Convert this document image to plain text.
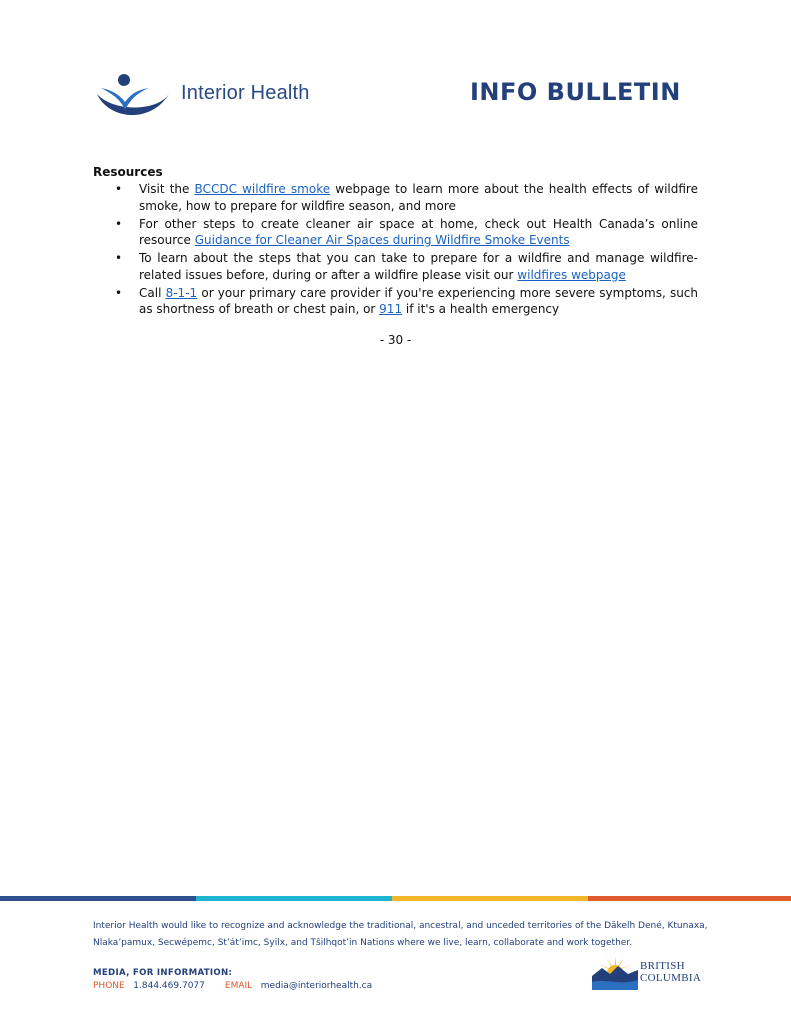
Interior Health	INFO BULLETIN
Resources
• Visit the BCCDC wildfire smoke webpage to learn more about the health effects of wildfire smoke, how to prepare for wildfire season, and more
• For other steps to create cleaner air space at home, check out Health Canada’s online resource Guidance for Cleaner Air Spaces during Wildfire Smoke Events
• To learn about the steps that you can take to prepare for a wildfire and manage wildfire-related issues before, during or after a wildfire please visit our wildfires webpage
• Call 8-1-1 or your primary care provider if you're experiencing more severe symptoms, such as shortness of breath or chest pain, or 911 if it's a health emergency
- 30 -
Interior Health would like to recognize and acknowledge the traditional, ancestral, and unceded territories of the Dākelh Dené, Ktunaxa,
Nlaka’pamux, Secwépemc, St’át’imc, Syilx, and Tŝilhqot’in Nations where we live, learn, collaborate and work together.
MEDIA, FOR INFORMATION:
PHONE 1.844.469.7077 EMAIL media@interiorhealth.ca
BRITISH
COLUMBIA
